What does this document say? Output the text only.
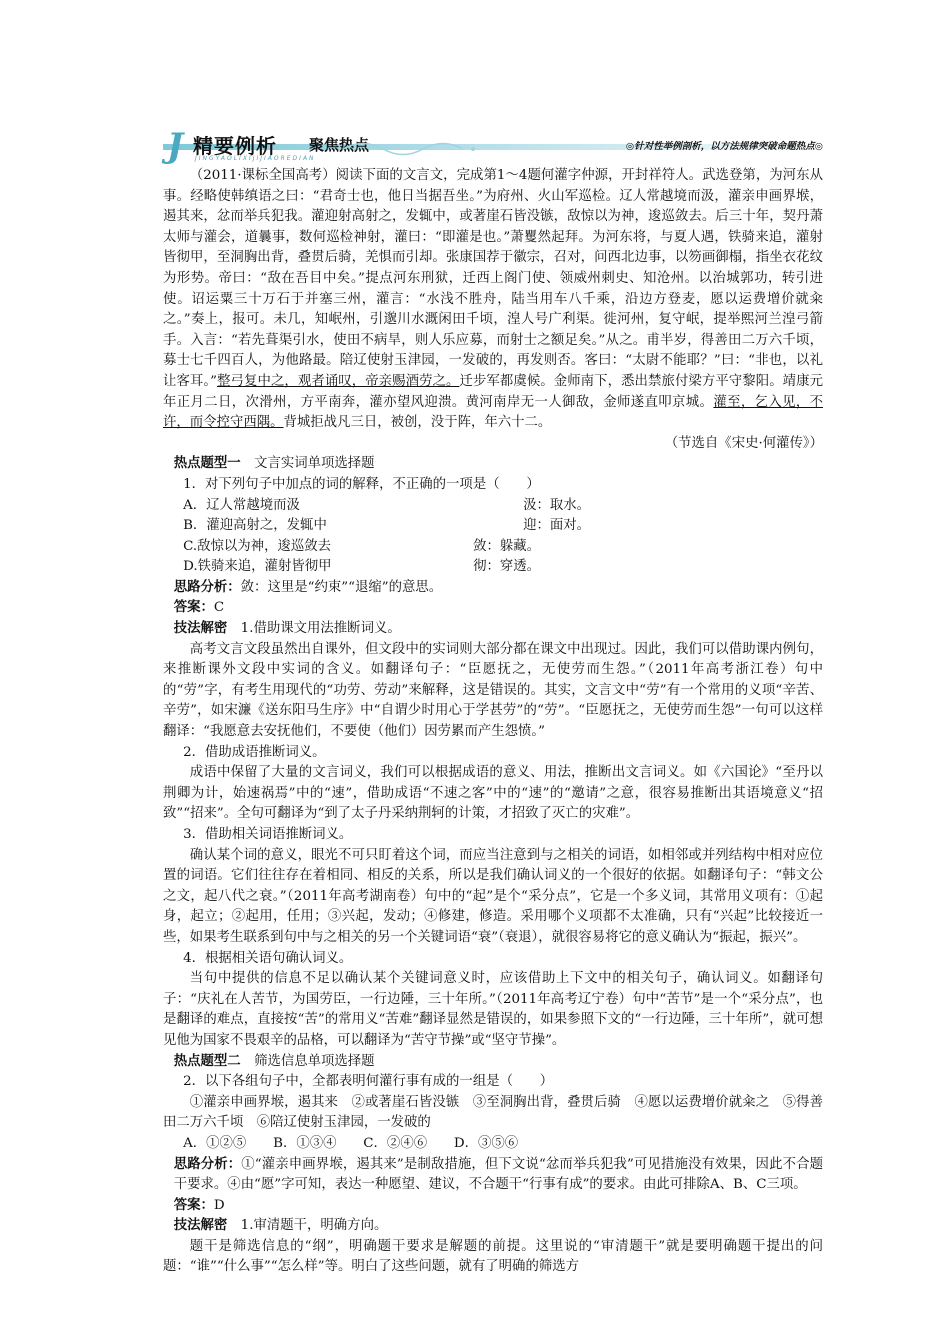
J 精要例析 聚焦热点
JINGYAOLIXIJIJIAOREDIAN
◎针对性举例剖析，以方法规律突破命题热点◎

（2011·课标全国高考）阅读下面的文言文，完成第1～4题何灌字仲源，开封祥符人。武选登第，为河东从事。经略使韩缜语之曰：“君奇士也，他日当据吾坐。”为府州、火山军巡检。辽人常越境而汲，灌亲申画界堠，遏其来，忿而举兵犯我。灌迎射高射之，发辄中，或著崖石皆没镞，敌惊以为神，逡巡敛去。后三十年，契丹萧太师与灌会，道曩事，数何巡检神射，灌曰：“即灌是也。”萧矍然起拜。为河东将，与夏人遇，铁骑来追，灌射皆彻甲，至洞胸出背，叠贯后骑，羌惧而引却。张康国荐于徽宗，召对，问西北边事，以笏画御榻，指坐衣花纹为形势。帝曰：“敌在吾目中矣。”提点河东刑狱，迁西上阁门使、领威州刺史、知沧州。以治城郭功，转引进使。诏运粟三十万石于并塞三州，灌言：“水浅不胜舟，陆当用车八千乘，沿边方登麦，愿以运费增价就籴之。”奏上，报可。未几，知岷州，引邈川水溉闲田千顷，湟人号广利渠。徙河州，复守岷，提举熙河兰湟弓箭手。入言：“若先葺渠引水，使田不病旱，则人乐应募，而射士之额足矣。”从之。甫半岁，得善田二万六千顷，募士七千四百人，为他路最。陪辽使射玉津园，一发破的，再发则否。客曰：“太尉不能耶？”曰：“非也，以礼让客耳。”整弓复中之，观者诵叹，帝亲赐酒劳之。迁步军都虞候。金师南下，悉出禁旅付梁方平守黎阳。靖康元年正月二日，次滑州，方平南奔，灌亦望风迎溃。黄河南岸无一人御敌，金师遂直叩京城。灌至，乞入见，不许，而令控守西隅。背城拒战凡三日，被创，没于阵，年六十二。

（节选自《宋史·何灌传》）

热点题型一　 文言实词单项选择题

1．对下列句子中加点的词的解释，不正确的一项是（　　）

A．辽人常越境而汲	汲：取水。
B．灌迎高射之，发辄中	迎：面对。
C.敌惊以为神，逡巡敛去	敛：躲藏。
D.铁骑来追，灌射皆彻甲	彻：穿透。

思路分析：敛：这里是“约束”“退缩”的意思。

答案：C

技法解密　 1.借助课文用法推断词义。

高考文言文段虽然出自课外，但文段中的实词则大部分都在课文中出现过。因此，我们可以借助课内例句，来推断课外文段中实词的含义。如翻译句子：“臣愿抚之，无使劳而生怨。”（2011年高考浙江卷）句中的“劳”字，有考生用现代的“功劳、劳动”来解释，这是错误的。其实，文言文中“劳”有一个常用的义项“辛苦、辛劳”，如宋濂《送东阳马生序》中“自谓少时用心于学甚劳”的“劳”。“臣愿抚之，无使劳而生怨”一句可以这样翻译：“我愿意去安抚他们，不要使（他们）因劳累而产生怨愤。”

2．借助成语推断词义。

成语中保留了大量的文言词义，我们可以根据成语的意义、用法，推断出文言词义。如《六国论》“至丹以荆卿为计，始速祸焉”中的“速”，借助成语“不速之客”中的“速”的“邀请”之意，很容易推断出其语境意义“招致”“招来”。全句可翻译为“到了太子丹采纳荆轲的计策，才招致了灭亡的灾难”。

3．借助相关词语推断词义。

确认某个词的意义，眼光不可只盯着这个词，而应当注意到与之相关的词语，如相邻或并列结构中相对应位置的词语。它们往往存在着相同、相反的关系，所以是我们确认词义的一个很好的依据。如翻译句子：“韩文公之文，起八代之衰。”（2011年高考湖南卷）句中的“起”是个“采分点”，它是一个多义词，其常用义项有：①起身，起立；②起用，任用；③兴起，发动；④修建，修造。采用哪个义项都不太准确，只有“兴起”比较接近一些，如果考生联系到句中与之相关的另一个关键词语“衰”（衰退），就很容易将它的意义确认为“振起，振兴”。

4．根据相关语句确认词义。

当句中提供的信息不足以确认某个关键词意义时，应该借助上下文中的相关句子，确认词义。如翻译句子：“庆礼在人苦节，为国劳臣，一行边陲，三十年所。”（2011年高考辽宁卷）句中“苦节”是一个“采分点”，也是翻译的难点，直接按“苦”的常用义“苦难”翻译显然是错误的，如果参照下文的“一行边陲，三十年所”，就可想见他为国家不畏艰辛的品格，可以翻译为“苦守节操”或“坚守节操”。

热点题型二　 筛选信息单项选择题

2．以下各组句子中，全都表明何灌行事有成的一组是（　　）

①灌亲申画界堠，遏其来　②或著崖石皆没镞　③至洞胸出背，叠贯后骑　④愿以运费增价就籴之　⑤得善田二万六千顷　⑥陪辽使射玉津园，一发破的

A．①②⑤　　B．①③④　　C．②④⑥　　D．③⑤⑥

思路分析：①“灌亲申画界堠，遏其来”是制敌措施，但下文说“忿而举兵犯我”可见措施没有效果，因此不合题干要求。④由“愿”字可知，表达一种愿望、建议，不合题干“行事有成”的要求。由此可排除A、B、C三项。

答案：D

技法解密　 1.审清题干，明确方向。

题干是筛选信息的“纲”，明确题干要求是解题的前提。这里说的“审清题干”就是要明确题干提出的问题：“谁”“什么事”“怎么样”等。明白了这些问题，就有了明确的筛选方
